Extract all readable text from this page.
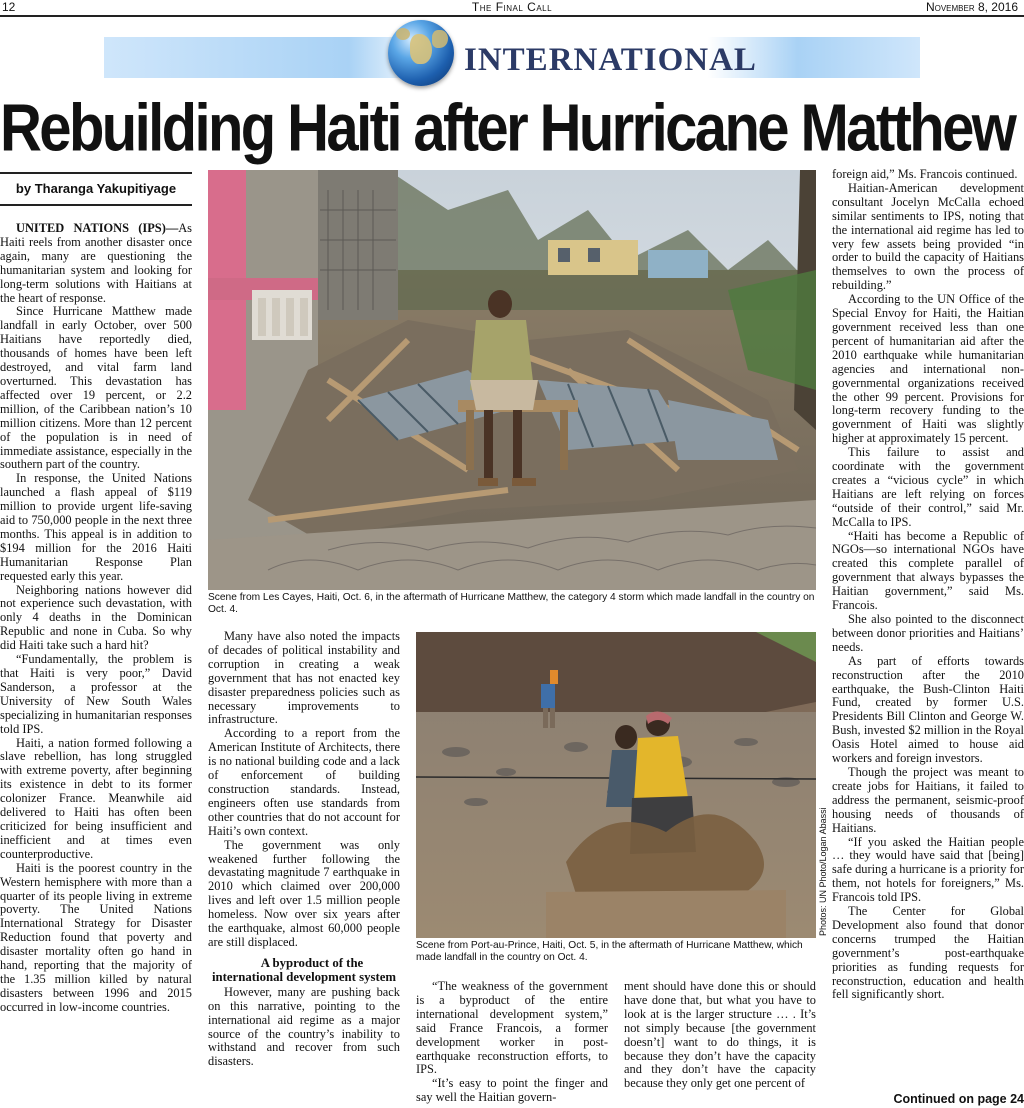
12	The Final Call	November 8, 2016
INTERNATIONAL
Rebuilding Haiti after Hurricane Matthew
by Tharanga Yakupitiyage

UNITED NATIONS (IPS)—As Haiti reels from another disaster once again, many are questioning the humanitarian system and looking for long-term solutions with Haitians at the heart of response.

Since Hurricane Matthew made landfall in early October, over 500 Haitians have reportedly died, thousands of homes have been left destroyed, and vital farm land overturned. This devastation has affected over 19 percent, or 2.2 million, of the Caribbean nation’s 10 million citizens. More than 12 percent of the population is in need of immediate assistance, especially in the southern part of the country.

In response, the United Nations launched a flash appeal of $119 million to provide urgent life-saving aid to 750,000 people in the next three months. This appeal is in addition to $194 million for the 2016 Haiti Humanitarian Response Plan requested early this year.

Neighboring nations however did not experience such devastation, with only 4 deaths in the Dominican Republic and none in Cuba. So why did Haiti take such a hard hit?

“Fundamentally, the problem is that Haiti is very poor,” David Sanderson, a professor at the University of New South Wales specializing in humanitarian responses told IPS.

Haiti, a nation formed following a slave rebellion, has long struggled with extreme poverty, after beginning its existence in debt to its former colonizer France. Meanwhile aid delivered to Haiti has often been criticized for being insufficient and inefficient and at times even counterproductive.

Haiti is the poorest country in the Western hemisphere with more than a quarter of its people living in extreme poverty. The United Nations International Strategy for Disaster Reduction found that poverty and disaster mortality often go hand in hand, reporting that the majority of the 1.35 million killed by natural disasters between 1996 and 2015 occurred in low-income countries.

Scene from Les Cayes, Haiti, Oct. 6, in the aftermath of Hurricane Matthew, the category 4 storm which made landfall in the country on Oct. 4.

Many have also noted the impacts of decades of political instability and corruption in creating a weak government that has not enacted key disaster preparedness policies such as necessary improvements to infrastructure.

According to a report from the American Institute of Architects, there is no national building code and a lack of enforcement of building construction standards. Instead, engineers often use standards from other countries that do not account for Haiti’s own context.

The government was only weakened further following the devastating magnitude 7 earthquake in 2010 which claimed over 200,000 lives and left over 1.5 million people homeless. Now over six years after the earthquake, almost 60,000 people are still displaced.

A byproduct of the international development system

However, many are pushing back on this narrative, pointing to the international aid regime as a major source of the country’s inability to withstand and recover from such disasters.

Photos: UN Photo/Logan Abassi
Scene from Port-au-Prince, Haiti, Oct. 5, in the aftermath of Hurricane Matthew, which made landfall in the country on Oct. 4.

“The weakness of the government is a byproduct of the entire international development system,” said France Francois, a former development worker in post-earthquake reconstruction efforts, to IPS.

“It’s easy to point the finger and say well the Haitian govern-

ment should have done this or should have done that, but what you have to look at is the larger structure … . It’s not simply because [the government doesn’t] want to do things, it is because they don’t have the capacity and they don’t have the capacity because they only get one percent of

foreign aid,” Ms. Francois continued.

Haitian-American development consultant Jocelyn McCalla echoed similar sentiments to IPS, noting that the international aid regime has led to very few assets being provided “in order to build the capacity of Haitians themselves to own the process of rebuilding.”

According to the UN Office of the Special Envoy for Haiti, the Haitian government received less than one percent of humanitarian aid after the 2010 earthquake while humanitarian agencies and international non-governmental organizations received the other 99 percent. Provisions for long-term recovery funding to the government of Haiti was slightly higher at approximately 15 percent.

This failure to assist and coordinate with the government creates a “vicious cycle” in which Haitians are left relying on forces “outside of their control,” said Mr. McCalla to IPS.

“Haiti has become a Republic of NGOs—so international NGOs have created this complete parallel of government that always bypasses the Haitian government,” said Ms. Francois.

She also pointed to the disconnect between donor priorities and Haitians’ needs.

As part of efforts towards reconstruction after the 2010 earthquake, the Bush-Clinton Haiti Fund, created by former U.S. Presidents Bill Clinton and George W. Bush, invested $2 million in the Royal Oasis Hotel aimed to house aid workers and foreign investors.

Though the project was meant to create jobs for Haitians, it failed to address the permanent, seismic-proof housing needs of thousands of Haitians.

“If you asked the Haitian people … they would have said that [being] safe during a hurricane is a priority for them, not hotels for foreigners,” Ms. Francois told IPS.

The Center for Global Development also found that donor concerns trumped the Haitian government’s post-earthquake priorities as funding requests for reconstruction, education and health fell significantly short.

Continued on page 24
